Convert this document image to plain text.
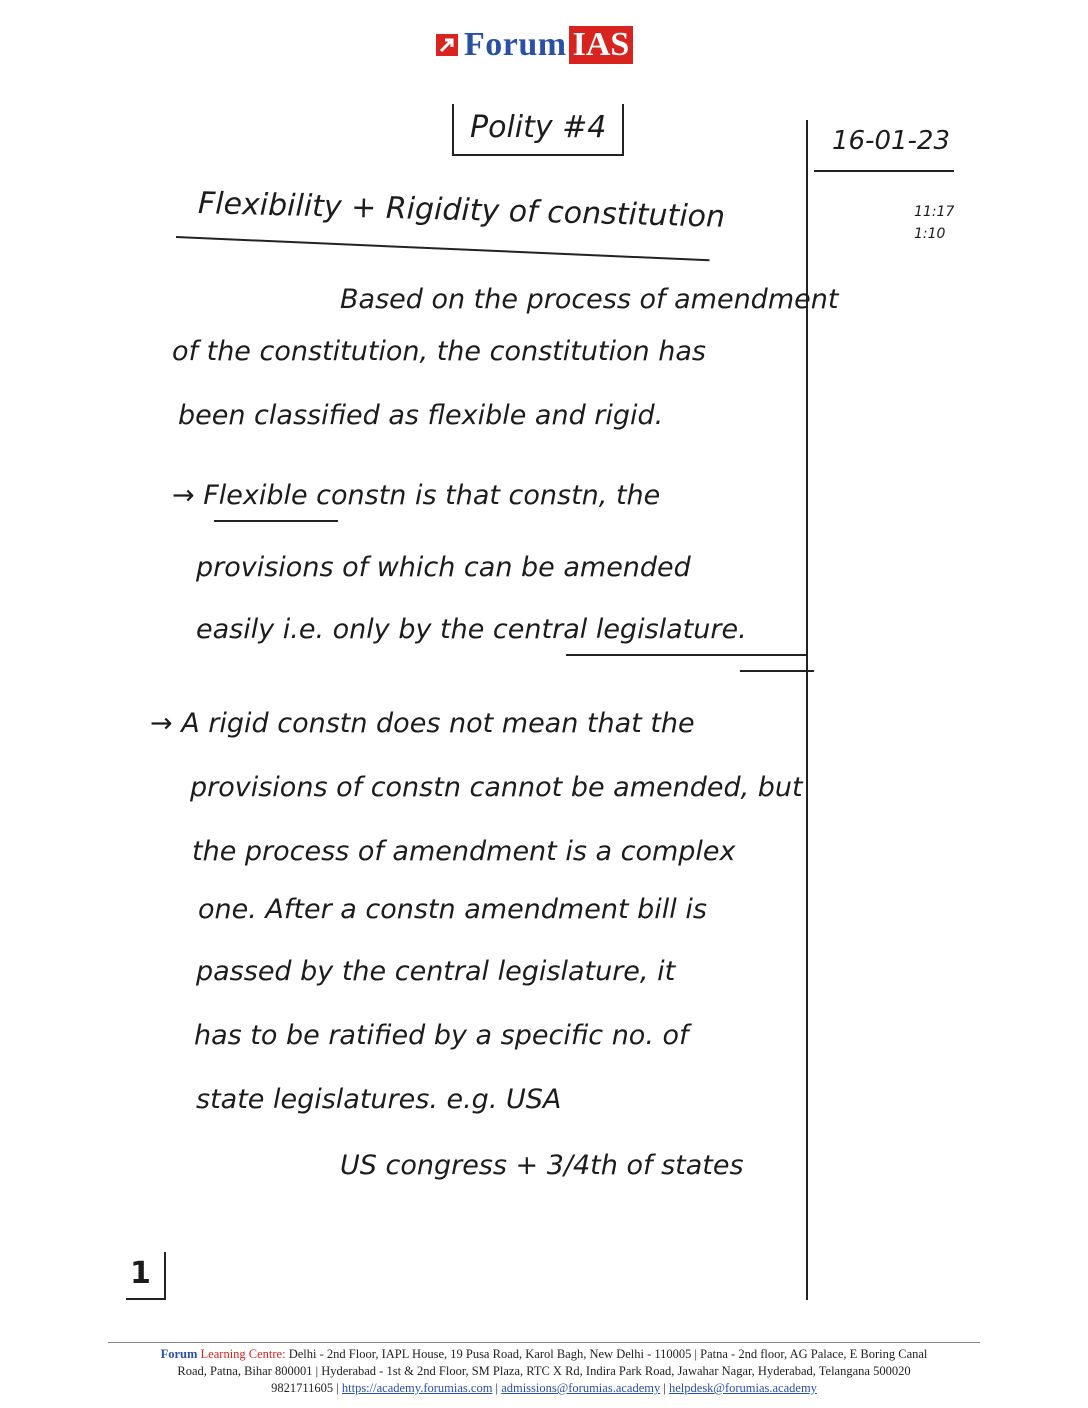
Forum IAS
Polity #4	16-01-23
11:17
1:10
Flexibility + Rigidity of constitution
Based on the process of amendment
of the constitution, the constitution has
been classified as flexible and rigid.
→ Flexible constn is that constn, the
provisions of which can be amended
easily i.e. only by the central legislature.
→ A rigid constn does not mean that the
provisions of constn cannot be amended, but
the process of amendment is a complex
one. After a constn amendment bill is
passed by the central legislature, it
has to be ratified by a specific no. of
state legislatures. e.g. USA
US congress + 3/4th of states
1
Forum Learning Centre: Delhi - 2nd Floor, IAPL House, 19 Pusa Road, Karol Bagh, New Delhi - 110005 | Patna - 2nd floor, AG Palace, E Boring Canal
Road, Patna, Bihar 800001 | Hyderabad - 1st & 2nd Floor, SM Plaza, RTC X Rd, Indira Park Road, Jawahar Nagar, Hyderabad, Telangana 500020
9821711605 | https://academy.forumias.com | admissions@forumias.academy | helpdesk@forumias.academy
